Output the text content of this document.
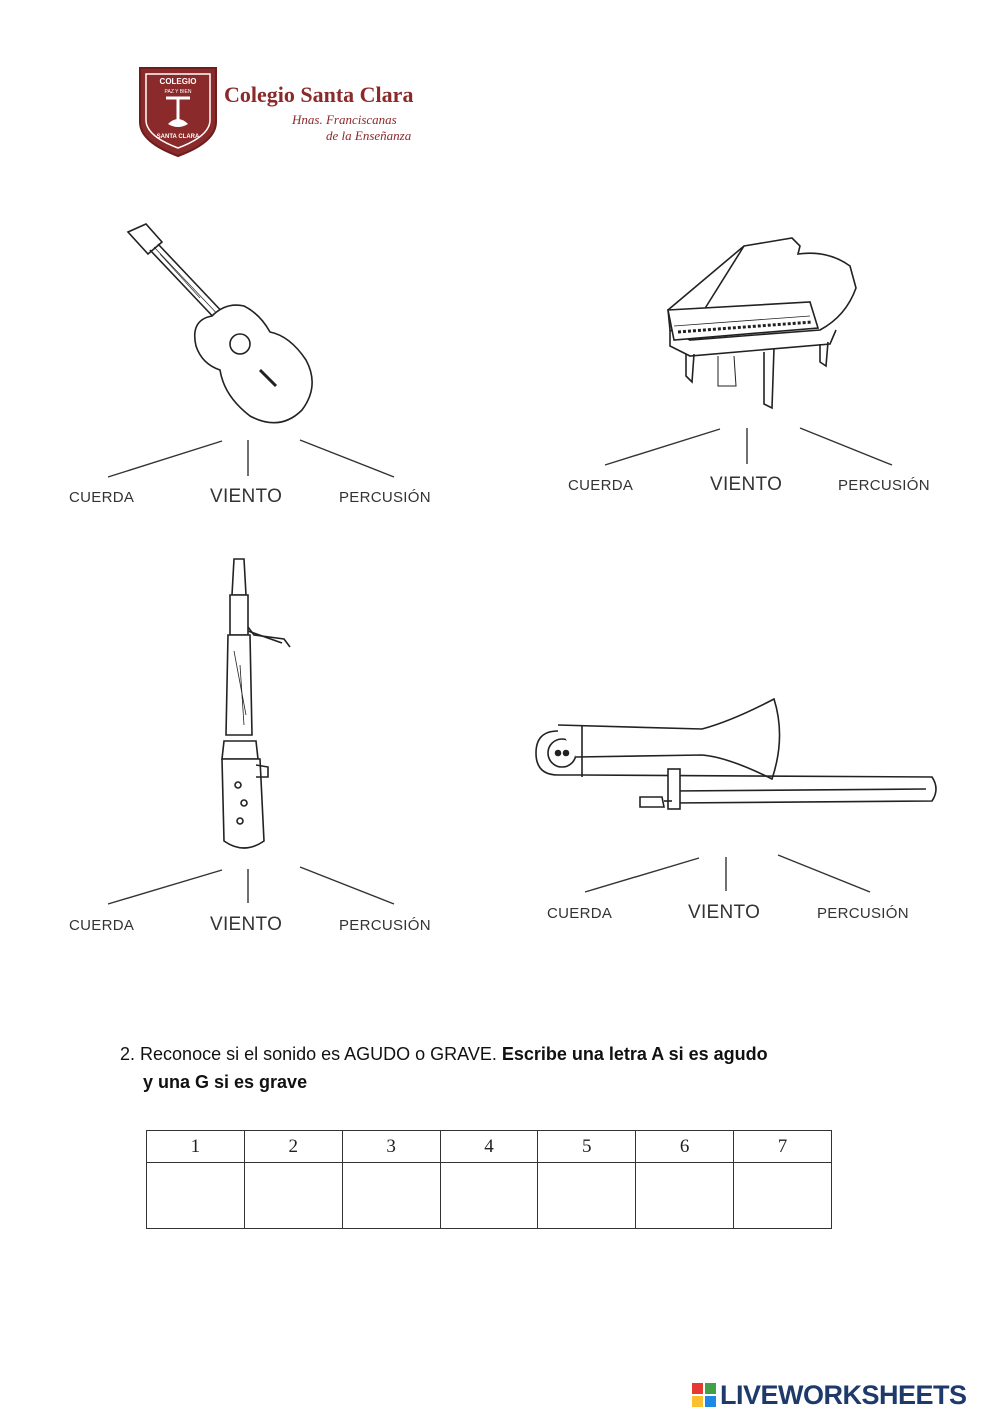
COLEGIO
PAZ Y BIEN
SANTA CLARA
Colegio Santa Clara
Hnas. Franciscanas
de la Enseñanza
CUERDA	VIENTO	PERCUSIÓN
CUERDA	VIENTO	PERCUSIÓN
CUERDA	VIENTO	PERCUSIÓN
CUERDA	VIENTO	PERCUSIÓN
2. Reconoce si el sonido es AGUDO o GRAVE. Escribe una letra A si es agudo
y una G si es grave
1	2	3	4	5	6	7

LIVEWORKSHEETS
